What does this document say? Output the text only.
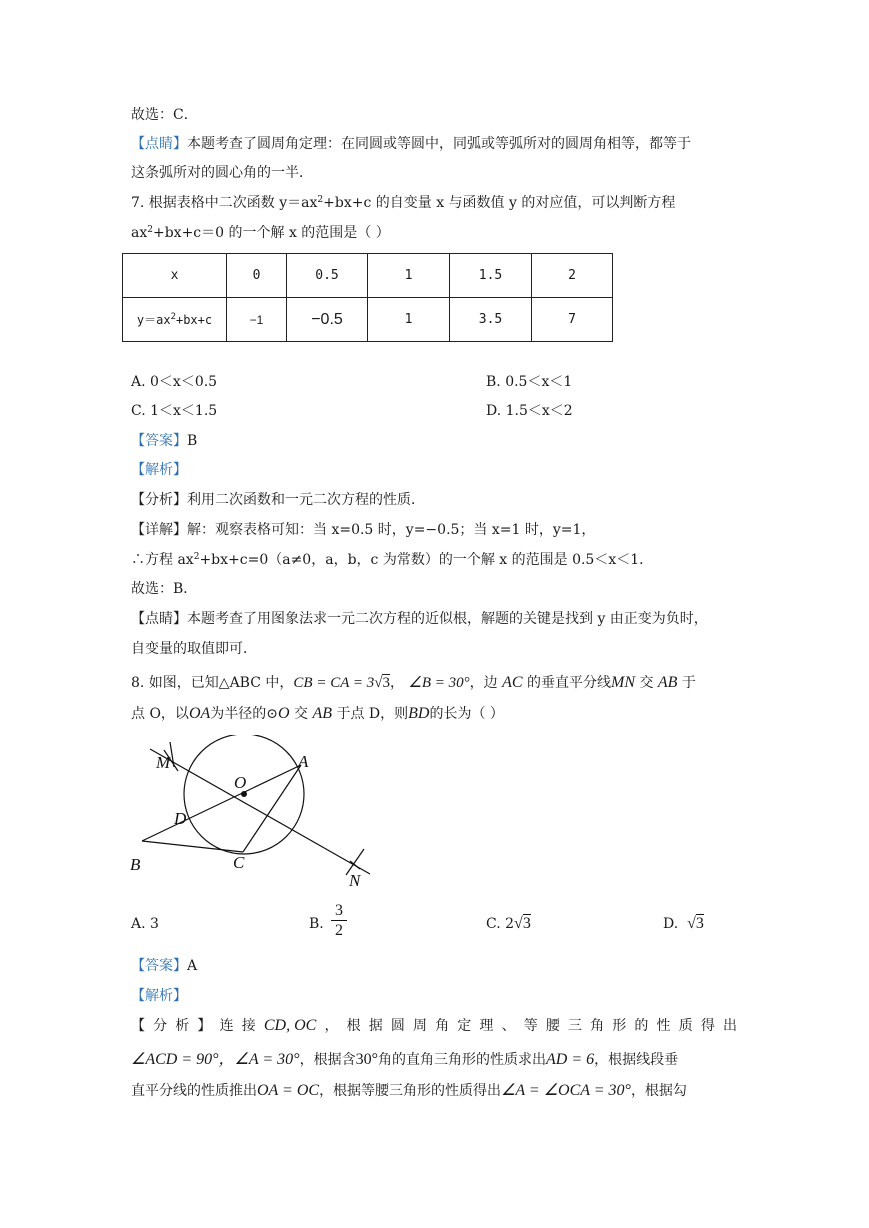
故选：C．
【点睛】本题考查了圆周角定理：在同圆或等圆中，同弧或等弧所对的圆周角相等，都等于
这条弧所对的圆心角的一半．
7. 根据表格中二次函数 $y=ax^2+bx+c$ 的自变量 x 与函数值 y 的对应值，可以判断方程
$ax^2+bx+c=0$ 的一个解 x 的范围是（ ）
x	0	0.5	1	1.5	2
$y=ax^2+bx+c$	−1	−0.5	1	3.5	7
A. 0＜x＜0.5	B. 0.5＜x＜1
C. 1＜x＜1.5	D. 1.5＜x＜2
【答案】B
【解析】
【分析】利用二次函数和一元二次方程的性质．
【详解】解：观察表格可知：当 x=0.5 时，y=−0.5；当 x=1 时，y=1，
∴方程 $ax^2+bx+c=0(a\ne 0$，a，b，c 为常数）的一个解 x 的范围是 0.5＜x＜1．
故选：B．
【点睛】本题考查了用图象法求一元二次方程的近似根，解题的关键是找到 y 由正变为负时，
自变量的取值即可．
8. 如图，已知△ABC 中，CB = CA = 3√3， ∠B = 30°，边 AC 的垂直平分线MN 交 AB 于
点 O，以OA为半径的⊙O 交 AB 于点 D，则BD的长为（ ）
M
O
A
D
B	C
N
A. 3	B. $\frac{3}{2}$	C. 2√3	D. √3
【答案】A
【解析】
【 分 析 】 连 接 CD, OC ， 根 据 圆 周 角 定 理 、 等 腰 三 角 形 的 性 质 得 出
∠ACD = 90°，∠A = 30°，根据含30°角的直角三角形的性质求出AD = 6，根据线段垂
直平分线的性质推出OA = OC，根据等腰三角形的性质得出∠A = ∠OCA = 30°，根据勾
